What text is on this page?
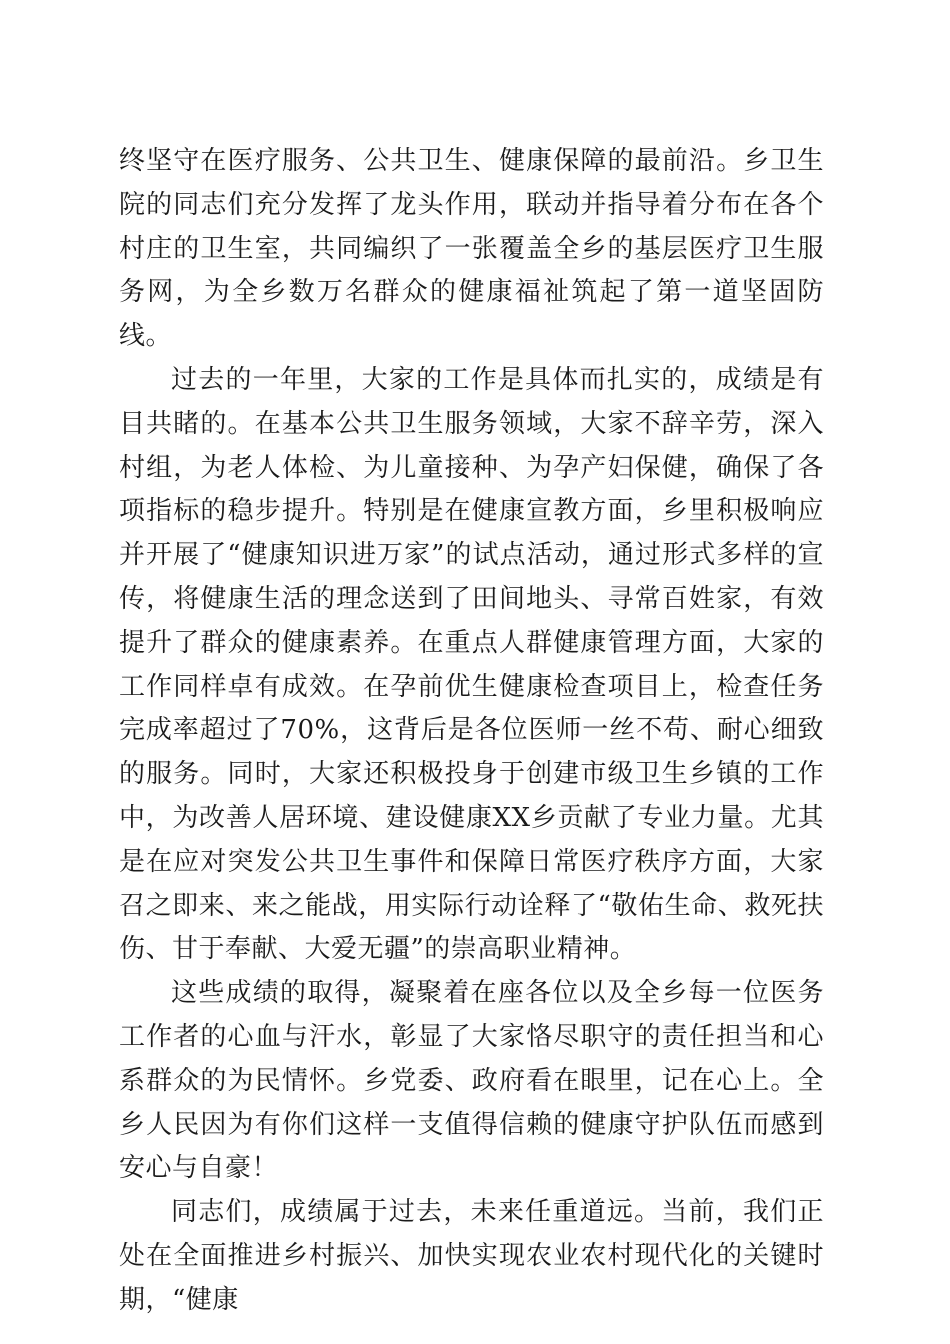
终坚守在医疗服务、公共卫生、健康保障的最前沿。乡卫生院的同志们充分发挥了龙头作用，联动并指导着分布在各个村庄的卫生室，共同编织了一张覆盖全乡的基层医疗卫生服务网，为全乡数万名群众的健康福祉筑起了第一道坚固防线。

过去的一年里，大家的工作是具体而扎实的，成绩是有目共睹的。在基本公共卫生服务领域，大家不辞辛劳，深入村组，为老人体检、为儿童接种、为孕产妇保健，确保了各项指标的稳步提升。特别是在健康宣教方面，乡里积极响应并开展了“健康知识进万家”的试点活动，通过形式多样的宣传，将健康生活的理念送到了田间地头、寻常百姓家，有效提升了群众的健康素养。在重点人群健康管理方面，大家的工作同样卓有成效。在孕前优生健康检查项目上，检查任务完成率超过了70%，这背后是各位医师一丝不苟、耐心细致的服务。同时，大家还积极投身于创建市级卫生乡镇的工作中，为改善人居环境、建设健康XX乡贡献了专业力量。尤其是在应对突发公共卫生事件和保障日常医疗秩序方面，大家召之即来、来之能战，用实际行动诠释了“敬佑生命、救死扶伤、甘于奉献、大爱无疆”的崇高职业精神。

这些成绩的取得，凝聚着在座各位以及全乡每一位医务工作者的心血与汗水，彰显了大家恪尽职守的责任担当和心系群众的为民情怀。乡党委、政府看在眼里，记在心上。全乡人民因为有你们这样一支值得信赖的健康守护队伍而感到安心与自豪！

同志们，成绩属于过去，未来任重道远。当前，我们正处在全面推进乡村振兴、加快实现农业农村现代化的关键时期，“健康
